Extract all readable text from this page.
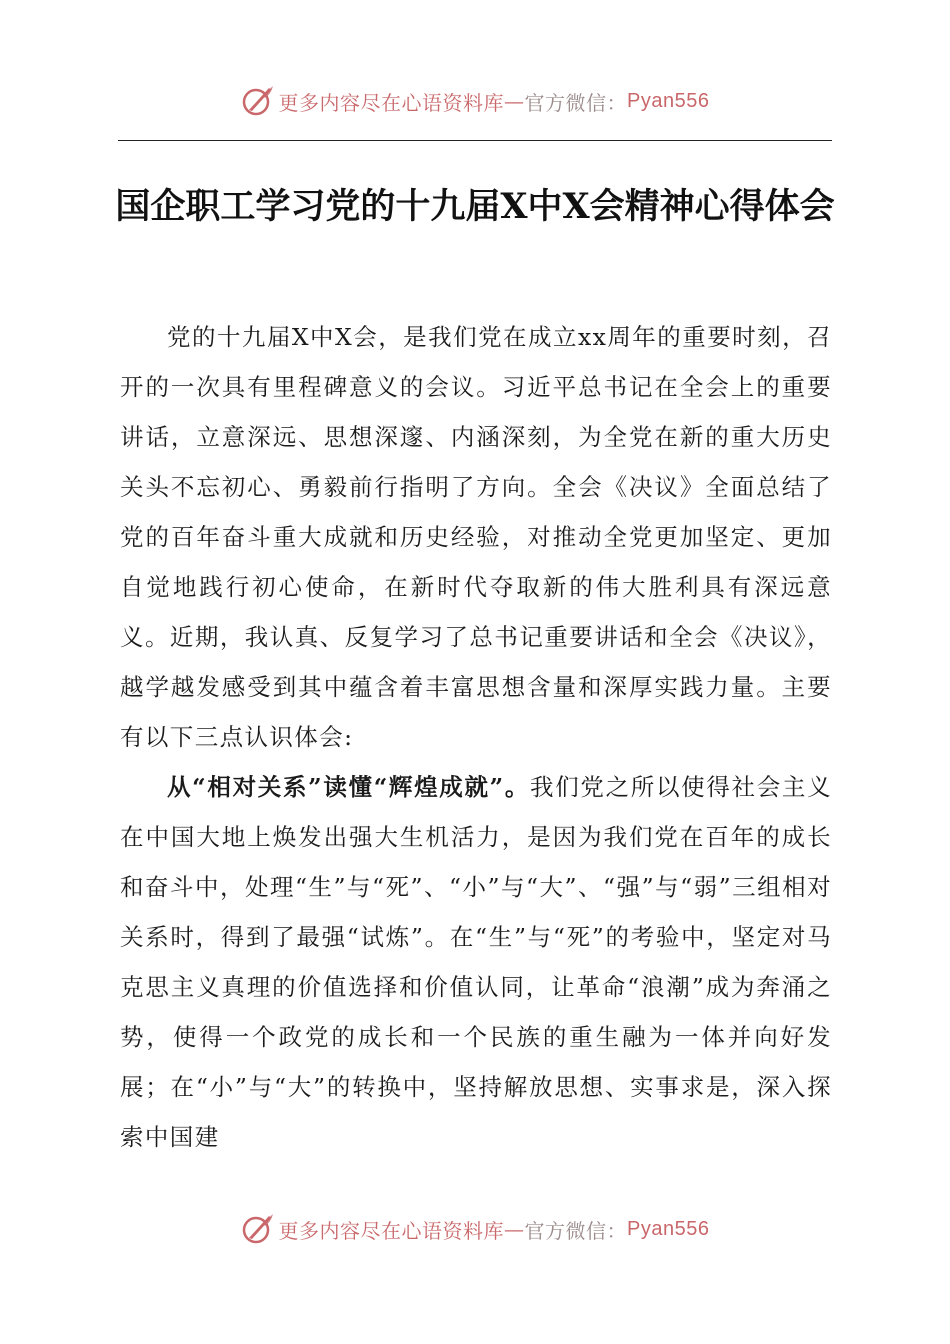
更多内容尽在心语资料库 — 官方微信： Pyan556
国企职工学习党的十九届X中X会精神心得体会

党的十九届X中X会，是我们党在成立xx周年的重要时刻，召开的一次具有里程碑意义的会议。习近平总书记在全会上的重要讲话，立意深远、思想深邃、内涵深刻，为全党在新的重大历史关头不忘初心、勇毅前行指明了方向。全会《决议》全面总结了党的百年奋斗重大成就和历史经验，对推动全党更加坚定、更加自觉地践行初心使命，在新时代夺取新的伟大胜利具有深远意义。近期，我认真、反复学习了总书记重要讲话和全会《决议》，越学越发感受到其中蕴含着丰富思想含量和深厚实践力量。主要有以下三点认识体会:

从“相对关系”读懂“辉煌成就”。我们党之所以使得社会主义在中国大地上焕发出强大生机活力，是因为我们党在百年的成长和奋斗中，处理“生”与“死”、“小”与“大”、“强”与“弱”三组相对关系时，得到了最强“试炼”。在“生”与“死”的考验中，坚定对马克思主义真理的价值选择和价值认同，让革命“浪潮”成为奔涌之势，使得一个政党的成长和一个民族的重生融为一体并向好发展；在“小”与“大”的转换中，坚持解放思想、实事求是，深入探索中国建

更多内容尽在心语资料库 — 官方微信： Pyan556
